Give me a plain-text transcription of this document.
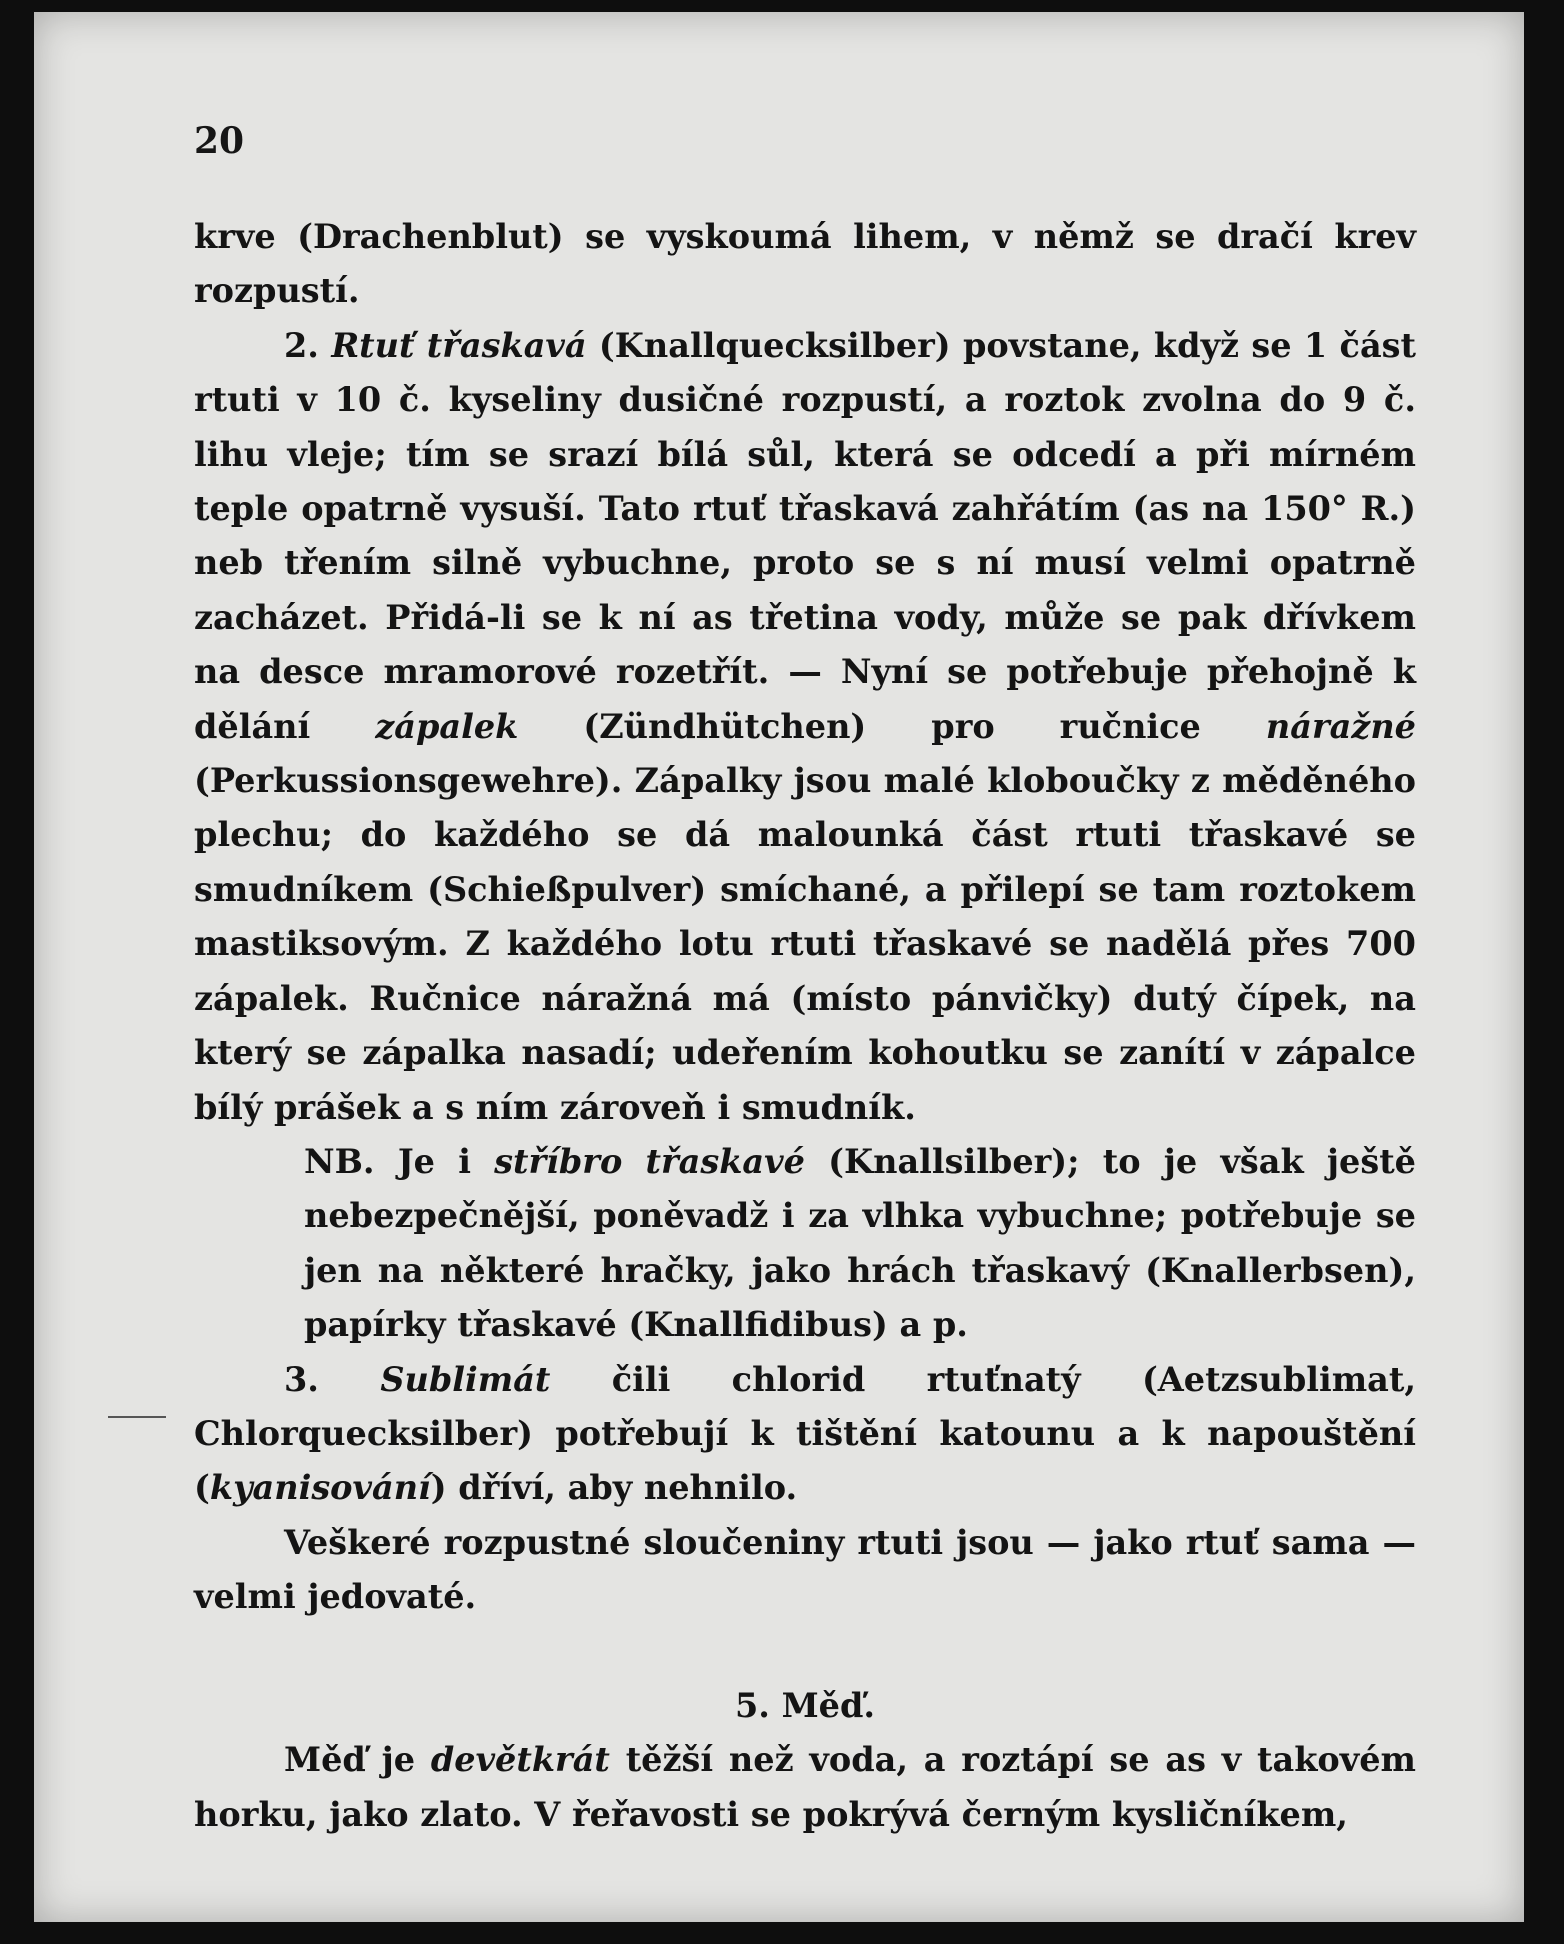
20

krve (Drachenblut) se vyskoumá lihem, v němž se dračí krev rozpustí.

2. Rtuť třaskavá (Knallquecksilber) povstane, když se 1 část rtuti v 10 č. kyseliny dusičné rozpustí, a roztok zvolna do 9 č. lihu vleje; tím se srazí bílá sůl, která se odcedí a při mírném teple opatrně vysuší. Tato rtuť třaskavá zahřátím (as na 150° R.) neb třením silně vybuchne, proto se s ní musí velmi opatrně zacházet. Přidá-li se k ní as třetina vody, může se pak dřívkem na desce mramorové rozetřít. — Nyní se potřebuje přehojně k dělání zápalek (Zündhütchen) pro ručnice náražné (Perkussionsgewehre). Zápalky jsou malé kloboučky z měděného plechu; do každého se dá malounká část rtuti třaskavé se smudníkem (Schießpulver) smíchané, a přilepí se tam roztokem mastiksovým. Z každého lotu rtuti třaskavé se nadělá přes 700 zápalek. Ručnice náražná má (místo pánvičky) dutý čípek, na který se zápalka nasadí; udeřením kohoutku se zanítí v zápalce bílý prášek a s ním zároveň i smudník.

NB. Je i stříbro třaskavé (Knallsilber); to je však ještě nebezpečnější, poněvadž i za vlhka vybuchne; potřebuje se jen na některé hračky, jako hrách třaskavý (Knallerbsen), papírky třaskavé (Knallfidibus) a p.

3. Sublimát čili chlorid rtuťnatý (Aetzsublimat, Chlorquecksilber) potřebují k tištění katounu a k napouštění (kyanisování) dříví, aby nehnilo.

Veškeré rozpustné sloučeniny rtuti jsou — jako rtuť sama — velmi jedovaté.

5. Měď.

Měď je devětkrát těžší než voda, a roztápí se as v takovém horku, jako zlato. V řeřavosti se pokrývá černým kysličníkem,
